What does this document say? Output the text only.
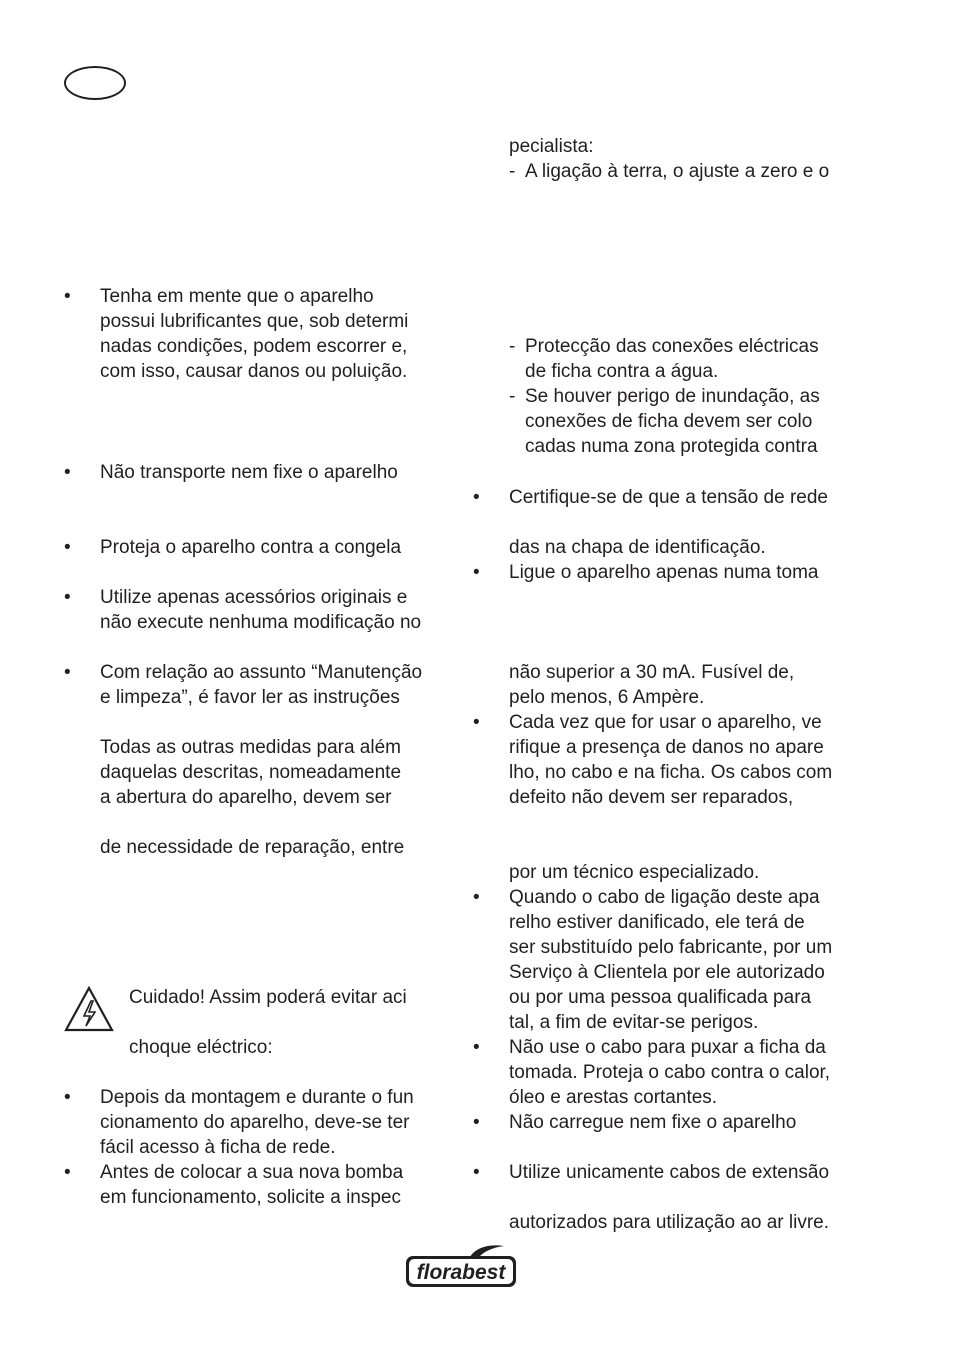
• Tenha em mente que o aparelho
possui lubrificantes que, sob determi
nadas condições, podem escorrer e,
com isso, causar danos ou poluição.
• Não transporte nem fixe o aparelho
• Proteja o aparelho contra a congela
• Utilize apenas acessórios originais e
não execute nenhuma modificação no
• Com relação ao assunto “Manutenção
e limpeza”, é favor ler as instruções
Todas as outras medidas para além
daquelas descritas, nomeadamente
a abertura do aparelho, devem ser
de necessidade de reparação, entre
Cuidado! Assim poderá evitar aci
choque eléctrico:
• Depois da montagem e durante o fun
cionamento do aparelho, deve-se ter
fácil acesso à ficha de rede.
• Antes de colocar a sua nova bomba
em funcionamento, solicite a inspec
pecialista:
- A ligação à terra, o ajuste a zero e o
- Protecção das conexões eléctricas
de ficha contra a água.
- Se houver perigo de inundação, as
conexões de ficha devem ser colo
cadas numa zona protegida contra
• Certifique-se de que a tensão de rede
das na chapa de identificação.
• Ligue o aparelho apenas numa toma
não superior a 30 mA. Fusível de,
pelo menos, 6 Ampère.
• Cada vez que for usar o aparelho, ve
rifique a presença de danos no apare
lho, no cabo e na ficha. Os cabos com
defeito não devem ser reparados,
por um técnico especializado.
• Quando o cabo de ligação deste apa
relho estiver danificado, ele terá de
ser substituído pelo fabricante, por um
Serviço à Clientela por ele autorizado
ou por uma pessoa qualificada para
tal, a fim de evitar-se perigos.
• Não use o cabo para puxar a ficha da
tomada. Proteja o cabo contra o calor,
óleo e arestas cortantes.
• Não carregue nem fixe o aparelho
• Utilize unicamente cabos de extensão
autorizados para utilização ao ar livre.
florabest
